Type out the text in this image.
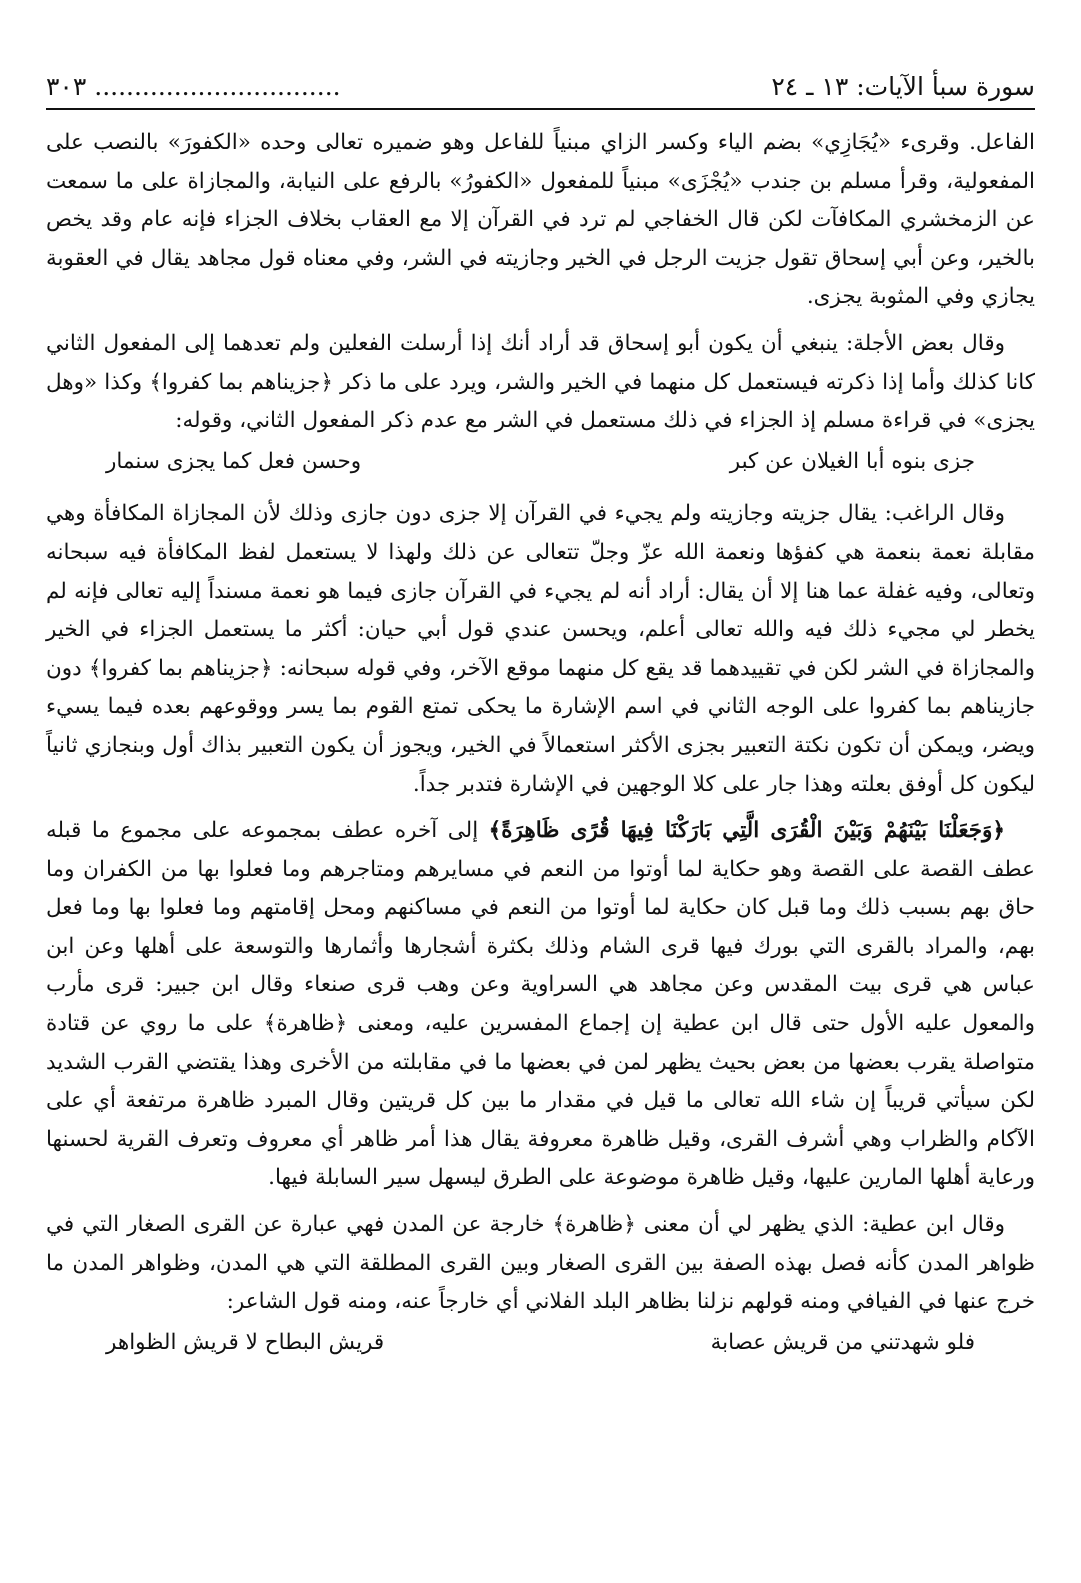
سورة سبأ الآيات: ١٣ ـ ٢٤
............................... ٣٠٣

الفاعل. وقرىء «يُجَازِي» بضم الياء وكسر الزاي مبنياً للفاعل وهو ضميره تعالى وحده «الكفورَ» بالنصب على المفعولية، وقرأ مسلم بن جندب «يُجْزَى» مبنياً للمفعول «الكفورُ» بالرفع على النيابة، والمجازاة على ما سمعت عن الزمخشري المكافآت لكن قال الخفاجي لم ترد في القرآن إلا مع العقاب بخلاف الجزاء فإنه عام وقد يخص بالخير، وعن أبي إسحاق تقول جزيت الرجل في الخير وجازيته في الشر، وفي معناه قول مجاهد يقال في العقوبة يجازي وفي المثوبة يجزى.

وقال بعض الأجلة: ينبغي أن يكون أبو إسحاق قد أراد أنك إذا أرسلت الفعلين ولم تعدهما إلى المفعول الثاني كانا كذلك وأما إذا ذكرته فيستعمل كل منهما في الخير والشر، ويرد على ما ذكر ﴿جزيناهم بما كفروا﴾ وكذا «وهل يجزى» في قراءة مسلم إذ الجزاء في ذلك مستعمل في الشر مع عدم ذكر المفعول الثاني، وقوله:

جزى بنوه أبا الغيلان عن كبر
وحسن فعل كما يجزى سنمار

وقال الراغب: يقال جزيته وجازيته ولم يجيء في القرآن إلا جزى دون جازى وذلك لأن المجازاة المكافأة وهي مقابلة نعمة بنعمة هي كفؤها ونعمة الله عزّ وجلّ تتعالى عن ذلك ولهذا لا يستعمل لفظ المكافأة فيه سبحانه وتعالى، وفيه غفلة عما هنا إلا أن يقال: أراد أنه لم يجيء في القرآن جازى فيما هو نعمة مسنداً إليه تعالى فإنه لم يخطر لي مجيء ذلك فيه والله تعالى أعلم، ويحسن عندي قول أبي حيان: أكثر ما يستعمل الجزاء في الخير والمجازاة في الشر لكن في تقييدهما قد يقع كل منهما موقع الآخر، وفي قوله سبحانه: ﴿جزيناهم بما كفروا﴾ دون جازيناهم بما كفروا على الوجه الثاني في اسم الإشارة ما يحكى تمتع القوم بما يسر ووقوعهم بعده فيما يسيء ويضر، ويمكن أن تكون نكتة التعبير بجزى الأكثر استعمالاً في الخير، ويجوز أن يكون التعبير بذاك أول وبنجازي ثانياً ليكون كل أوفق بعلته وهذا جار على كلا الوجهين في الإشارة فتدبر جداً.

﴿وَجَعَلْنَا بَيْنَهُمْ وَبَيْنَ الْقُرَى الَّتِي بَارَكْنَا فِيهَا قُرًى ظَاهِرَةً﴾ إلى آخره عطف بمجموعه على مجموع ما قبله عطف القصة على القصة وهو حكاية لما أوتوا من النعم في مسايرهم ومتاجرهم وما فعلوا بها من الكفران وما حاق بهم بسبب ذلك وما قبل كان حكاية لما أوتوا من النعم في مساكنهم ومحل إقامتهم وما فعلوا بها وما فعل بهم، والمراد بالقرى التي بورك فيها قرى الشام وذلك بكثرة أشجارها وأثمارها والتوسعة على أهلها وعن ابن عباس هي قرى بيت المقدس وعن مجاهد هي السراوية وعن وهب قرى صنعاء وقال ابن جبير: قرى مأرب والمعول عليه الأول حتى قال ابن عطية إن إجماع المفسرين عليه، ومعنى ﴿ظاهرة﴾ على ما روي عن قتادة متواصلة يقرب بعضها من بعض بحيث يظهر لمن في بعضها ما في مقابلته من الأخرى وهذا يقتضي القرب الشديد لكن سيأتي قريباً إن شاء الله تعالى ما قيل في مقدار ما بين كل قريتين وقال المبرد ظاهرة مرتفعة أي على الآكام والظراب وهي أشرف القرى، وقيل ظاهرة معروفة يقال هذا أمر ظاهر أي معروف وتعرف القرية لحسنها ورعاية أهلها المارين عليها، وقيل ظاهرة موضوعة على الطرق ليسهل سير السابلة فيها.

وقال ابن عطية: الذي يظهر لي أن معنى ﴿ظاهرة﴾ خارجة عن المدن فهي عبارة عن القرى الصغار التي في ظواهر المدن كأنه فصل بهذه الصفة بين القرى الصغار وبين القرى المطلقة التي هي المدن، وظواهر المدن ما خرج عنها في الفيافي ومنه قولهم نزلنا بظاهر البلد الفلاني أي خارجاً عنه، ومنه قول الشاعر:

فلو شهدتني من قريش عصابة
قريش البطاح لا قريش الظواهر
